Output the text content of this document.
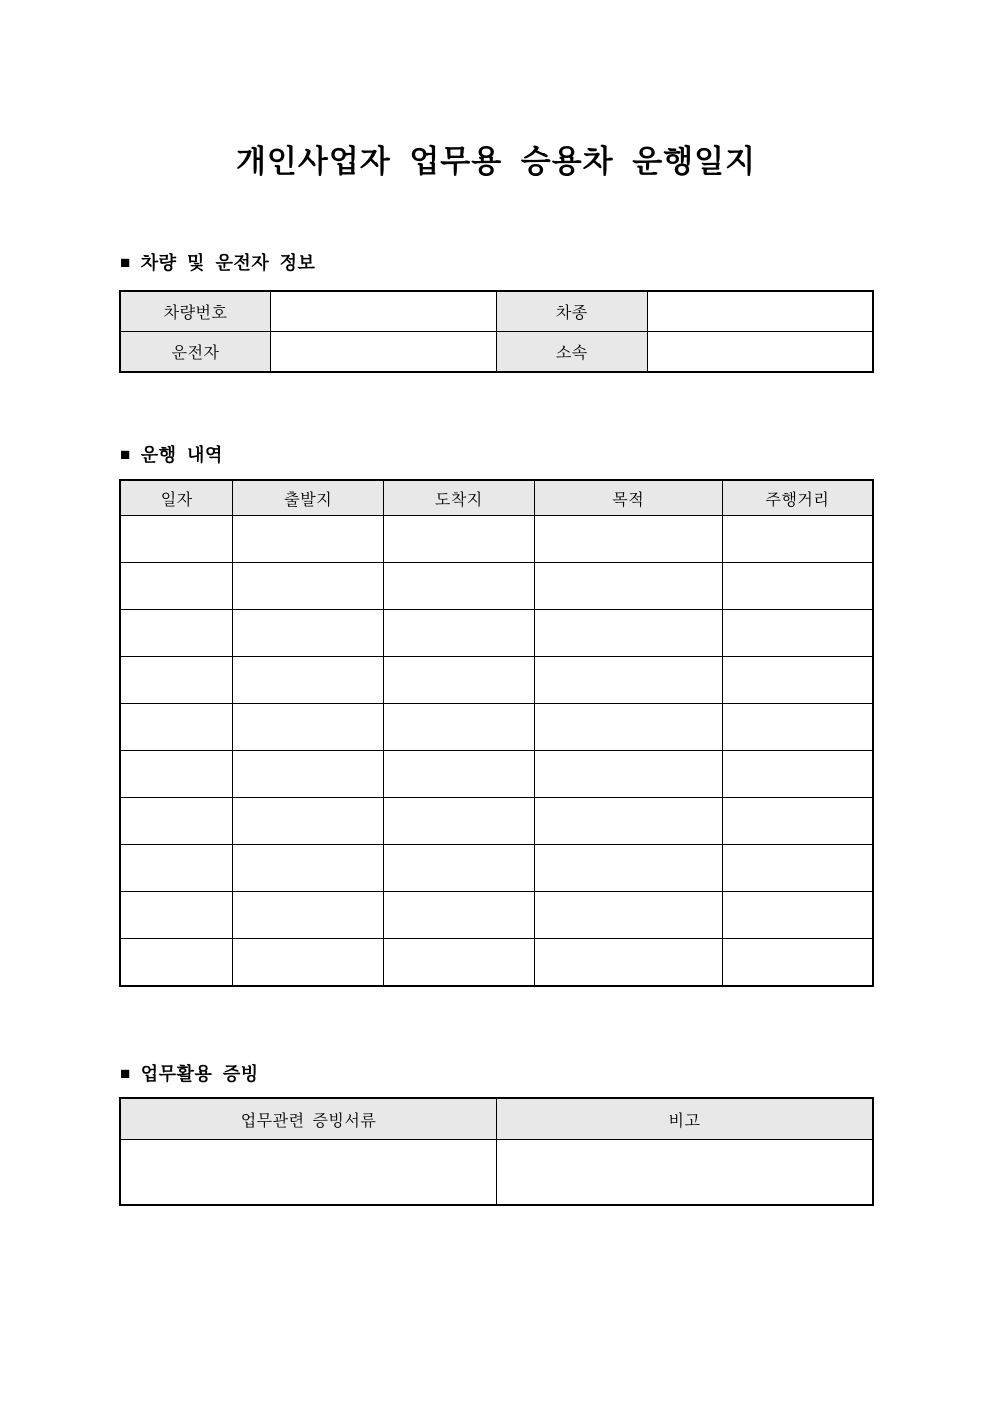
개인사업자 업무용 승용차 운행일지
■ 차량 및 운전자 정보
차량번호		차종	
운전자		소속	
■ 운행 내역
일자	출발지	도착지	목적	주행거리

■ 업무활용 증빙
업무관련 증빙서류	비고
